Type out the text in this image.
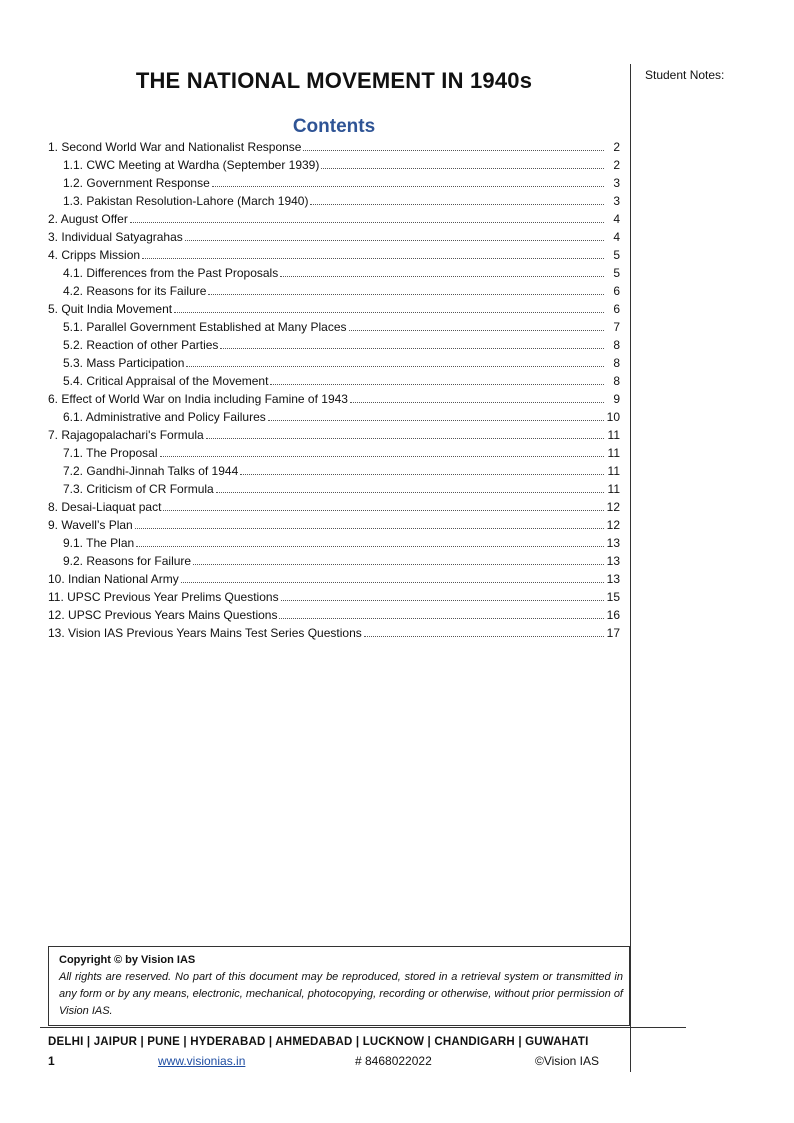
THE NATIONAL MOVEMENT IN 1940s	Student Notes:
Contents
1. Second World War and Nationalist Response	2
1.1. CWC Meeting at Wardha (September 1939)	2
1.2. Government Response	3
1.3. Pakistan Resolution-Lahore (March 1940)	3
2. August Offer	4
3. Individual Satyagrahas	4
4. Cripps Mission	5
4.1. Differences from the Past Proposals	5
4.2. Reasons for its Failure	6
5. Quit India Movement	6
5.1. Parallel Government Established at Many Places	7
5.2. Reaction of other Parties	8
5.3. Mass Participation	8
5.4. Critical Appraisal of the Movement	8
6. Effect of World War on India including Famine of 1943	9
6.1. Administrative and Policy Failures	10
7. Rajagopalachari's Formula	11
7.1. The Proposal	11
7.2. Gandhi-Jinnah Talks of 1944	11
7.3. Criticism of CR Formula	11
8. Desai-Liaquat pact	12
9. Wavell’s Plan	12
9.1. The Plan	13
9.2. Reasons for Failure	13
10. Indian National Army	13
11. UPSC Previous Year Prelims Questions	15
12. UPSC Previous Years Mains Questions	16
13. Vision IAS Previous Years Mains Test Series Questions	17
Copyright © by Vision IAS
All rights are reserved. No part of this document may be reproduced, stored in a retrieval system or transmitted in any form or by any means, electronic, mechanical, photocopying, recording or otherwise, without prior permission of Vision IAS.
DELHI | JAIPUR | PUNE | HYDERABAD | AHMEDABAD | LUCKNOW | CHANDIGARH | GUWAHATI
1	www.visionias.in	# 8468022022	©Vision IAS
